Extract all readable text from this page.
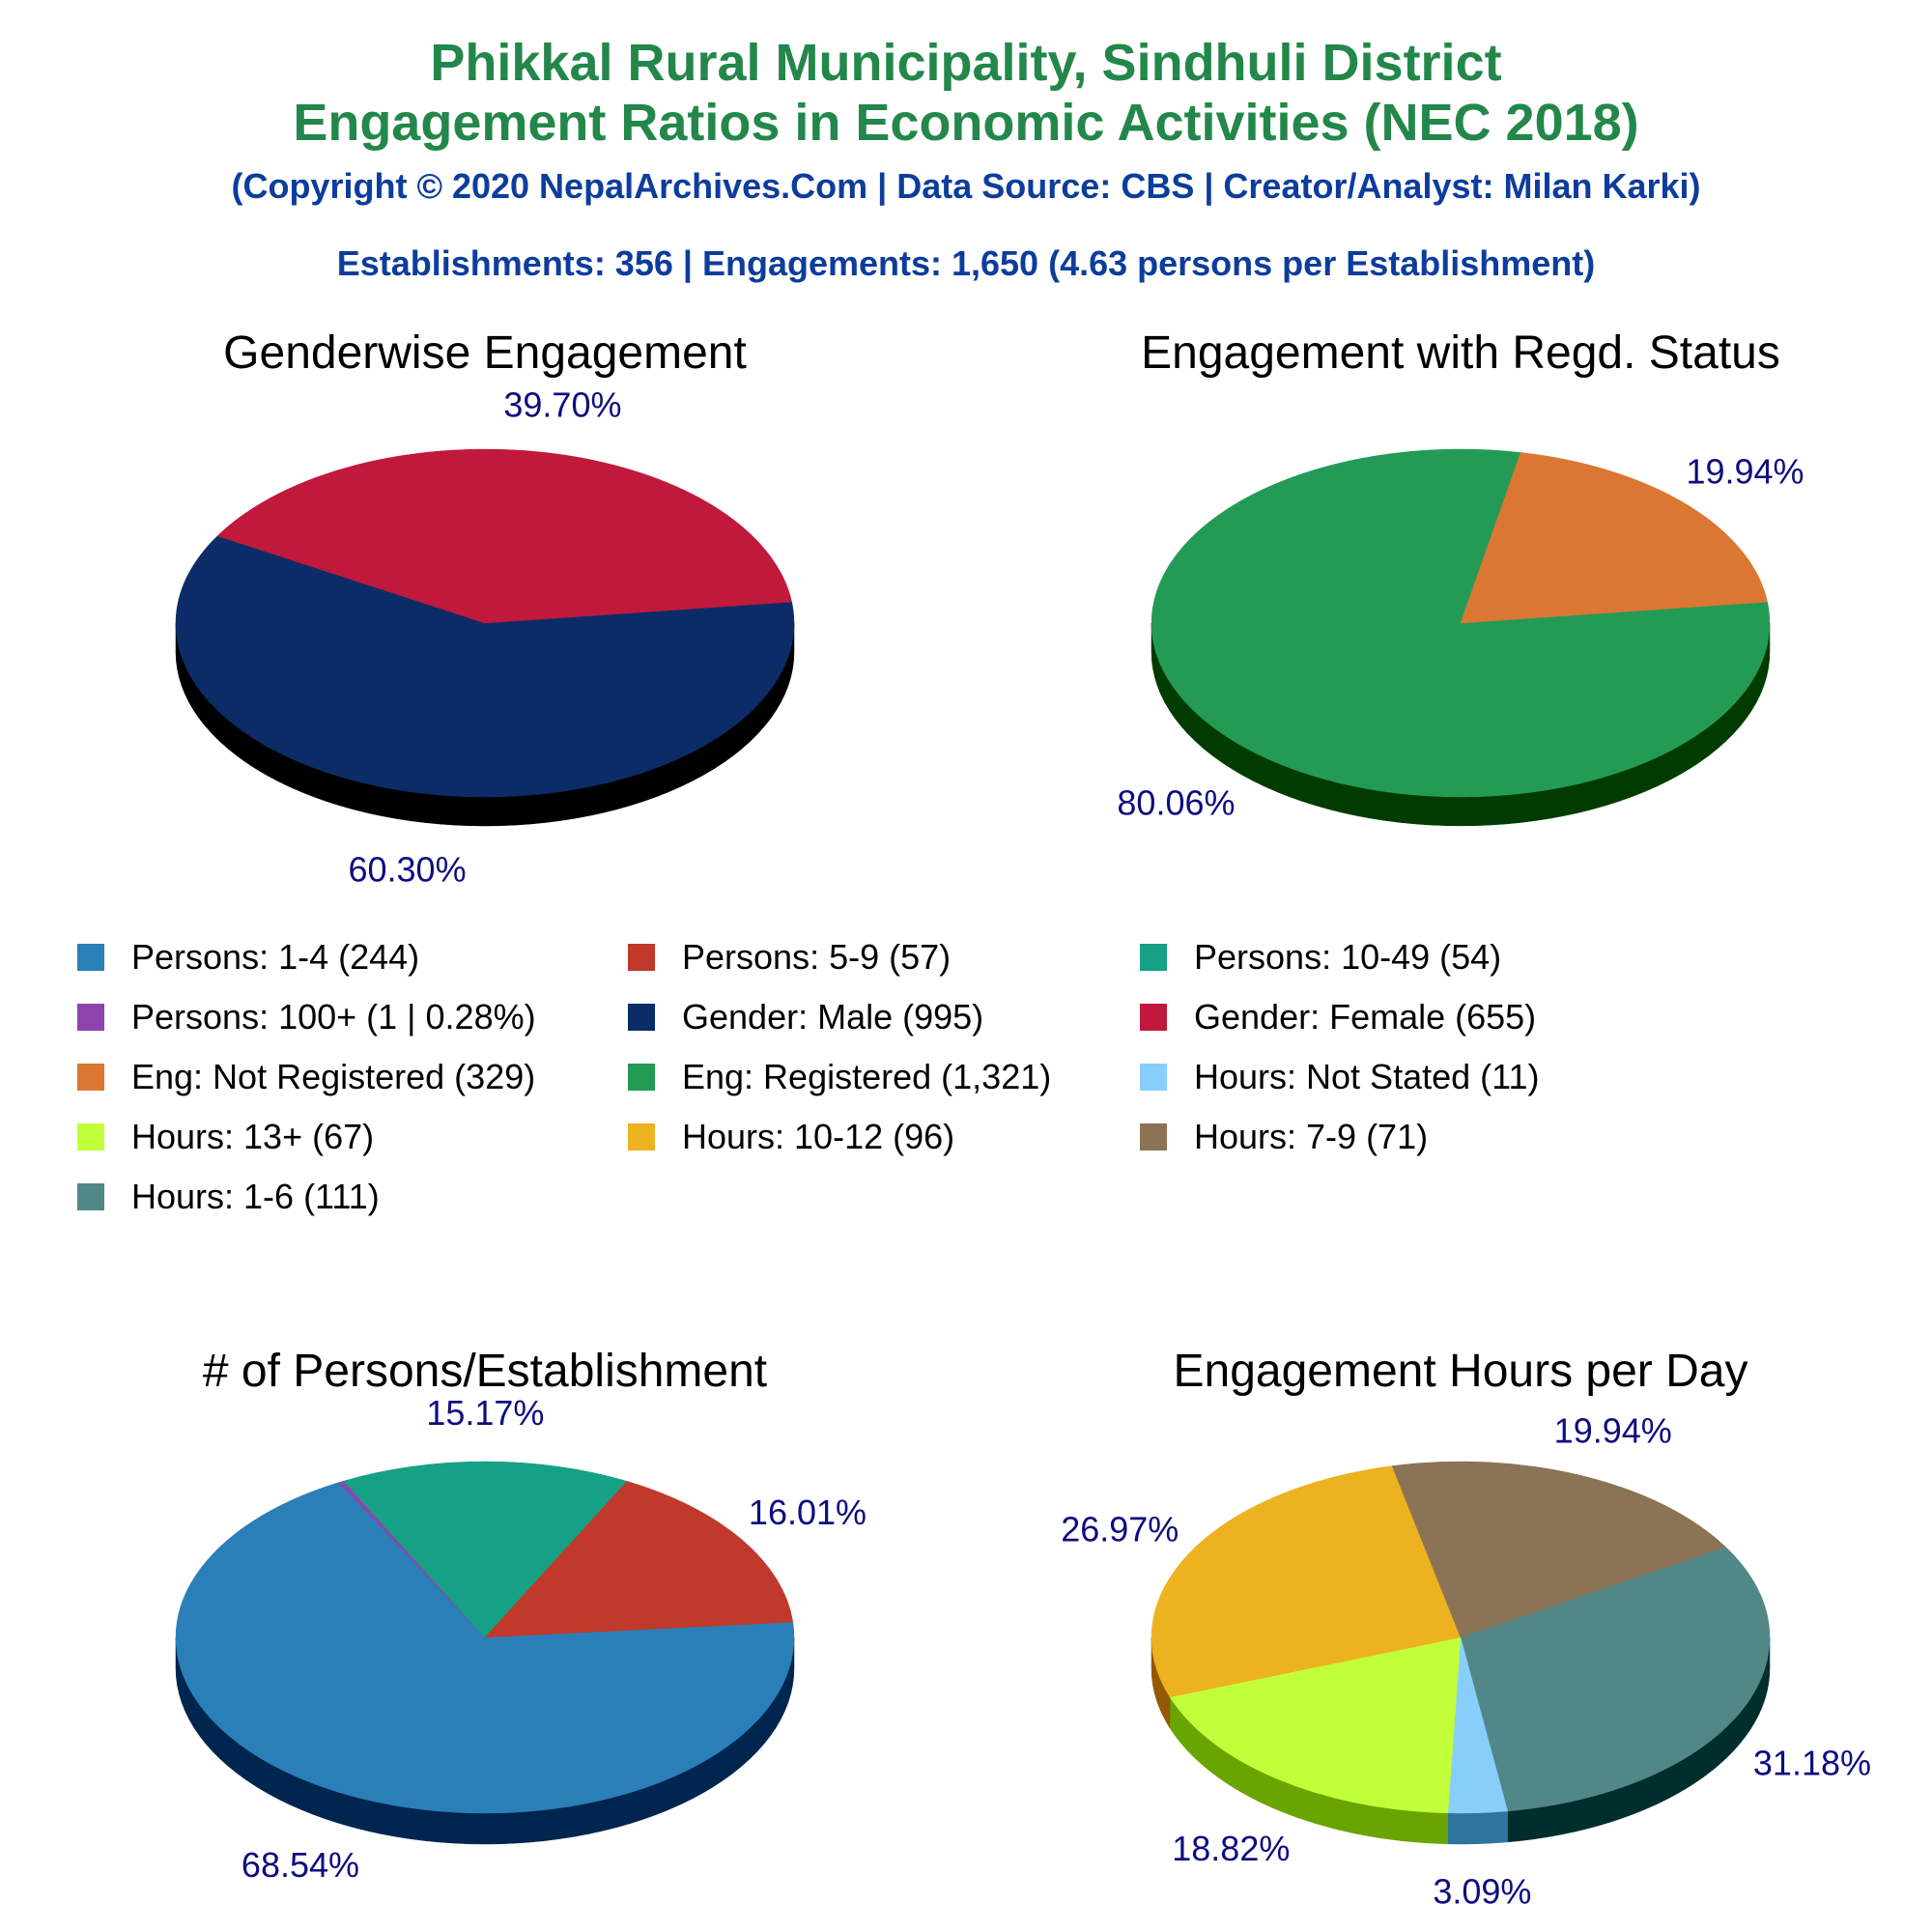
Phikkal Rural Municipality, Sindhuli District
Engagement Ratios in Economic Activities (NEC 2018)
(Copyright © 2020 NepalArchives.Com | Data Source: CBS | Creator/Analyst: Milan Karki)
Establishments: 356 | Engagements: 1,650 (4.63 persons per Establishment)
Genderwise Engagement
60.30%
39.70%
Engagement with Regd. Status
80.06%
19.94%
# of Persons/Establishment
68.54%
15.17%
16.01%
Engagement Hours per Day
31.18%
3.09%
18.82%
26.97%
19.94%
Persons: 1-4 (244)	Persons: 5-9 (57)	Persons: 10-49 (54)
Persons: 100+ (1 | 0.28%)	Gender: Male (995)	Gender: Female (655)
Eng: Not Registered (329)	Eng: Registered (1,321)	Hours: Not Stated (11)
Hours: 13+ (67)	Hours: 10-12 (96)	Hours: 7-9 (71)
Hours: 1-6 (111)
